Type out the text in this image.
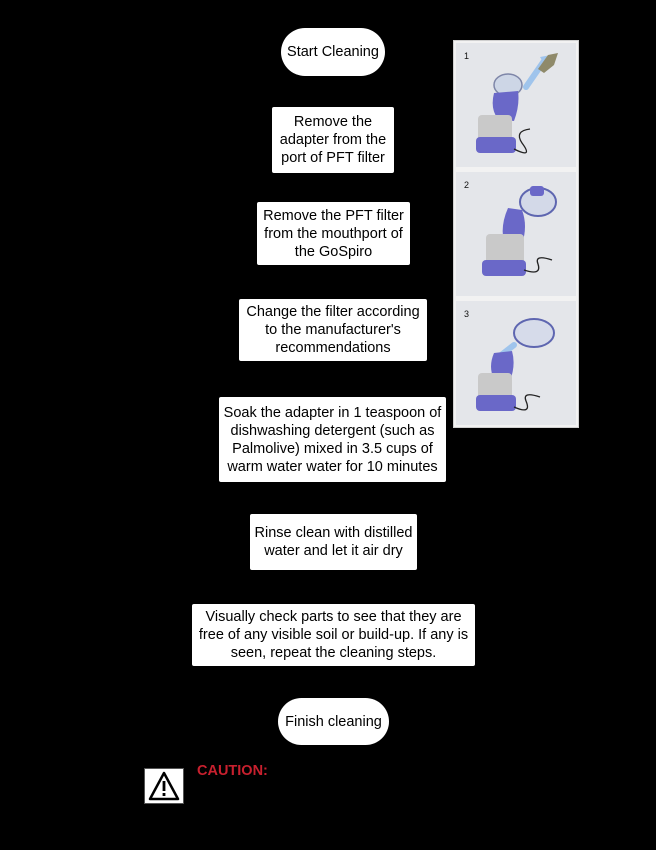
Start Cleaning
Remove the
adapter from the
port of PFT filter
Remove the PFT filter
from the mouthport of
the GoSpiro
Change the filter according
to the manufacturer's
recommendations
Soak the adapter in 1 teaspoon of
dishwashing detergent (such as
Palmolive) mixed in 3.5 cups of
warm water water for 10 minutes
Rinse clean with distilled
water and let it air dry
Visually check parts to see that they are
free of any visible soil or build-up. If any is
seen, repeat the cleaning steps.
Finish cleaning
1
2
3
CAUTION:
